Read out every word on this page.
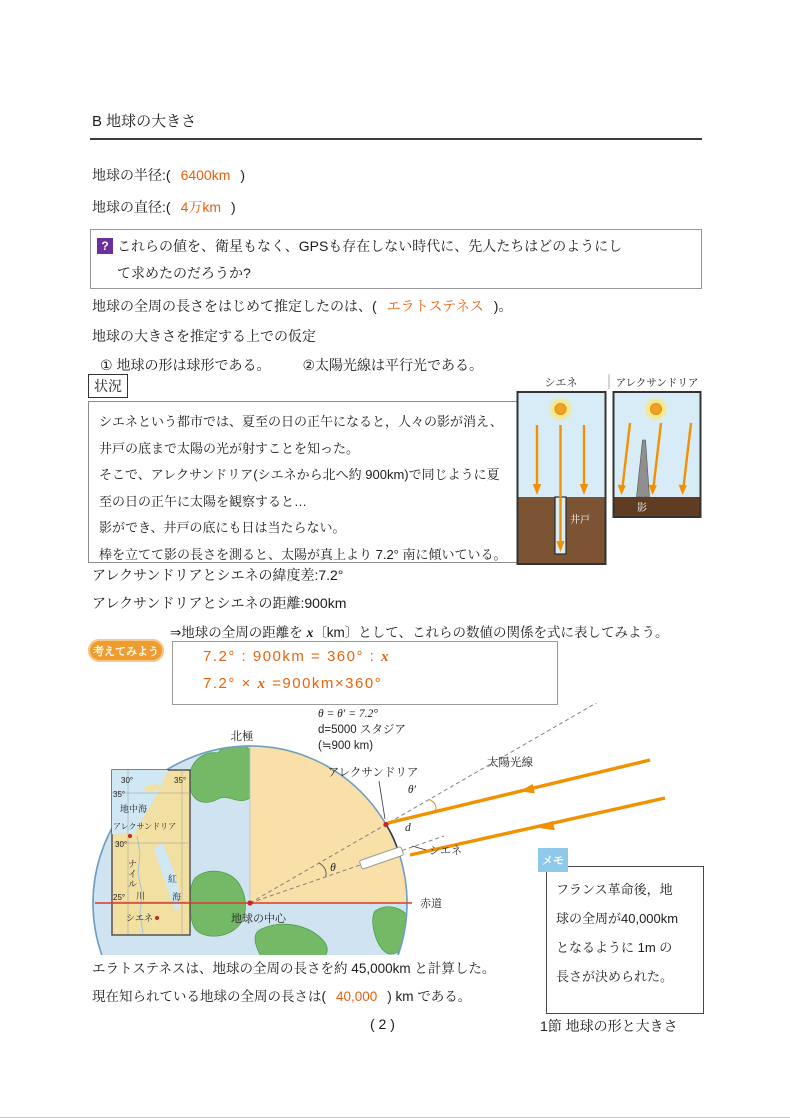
B 地球の大きさ
地球の半径:( 6400km )
地球の直径:( 4万km )
? これらの値を、衛星もなく、GPSも存在しない時代に、先人たちはどのようにし
て求めたのだろうか?
地球の全周の長さをはじめて推定したのは、( エラトステネス )。
地球の大きさを推定する上での仮定
① 地球の形は球形である。 ②太陽光線は平行光である。
状況
シエネという都市では、夏至の日の正午になると，人々の影が消え、
井戸の底まで太陽の光が射すことを知った。
そこで、アレクサンドリア(シエネから北へ約 900km)で同じように夏
至の日の正午に太陽を観察すると…
影ができ、井戸の底にも日は当たらない。
棒を立てて影の長さを測ると、太陽が真上より 7.2° 南に傾いている。
シエネ	アレクサンドリア
井戸
影
アレクサンドリアとシエネの緯度差:7.2°
アレクサンドリアとシエネの距離:900km
⇒地球の全周の距離を x〔km〕として、これらの数値の関係を式に表してみよう。
考えてみよう	7.2° : 900km = 360° : x
7.2° × x =900km×360°
30°	35°
35°
30°
25°
地中海
アレクサンドリア
ナ
イ
ル
川
紅
海
シエネ
赤道
θ
d
太陽光線
θ′
アレクサンドリア
シエネ
北極
地球の中心
θ = θ′ = 7.2°
d=5000 スタジア
(≒900 km)
メモ
フランス革命後，地
球の全周が40,000km
となるように 1m の
長さが決められた。
エラトステネスは、地球の全周の長さを約 45,000km と計算した。
現在知られている地球の全周の長さは( 40,000 ) km である。
( 2 )	1節 地球の形と大きさ
